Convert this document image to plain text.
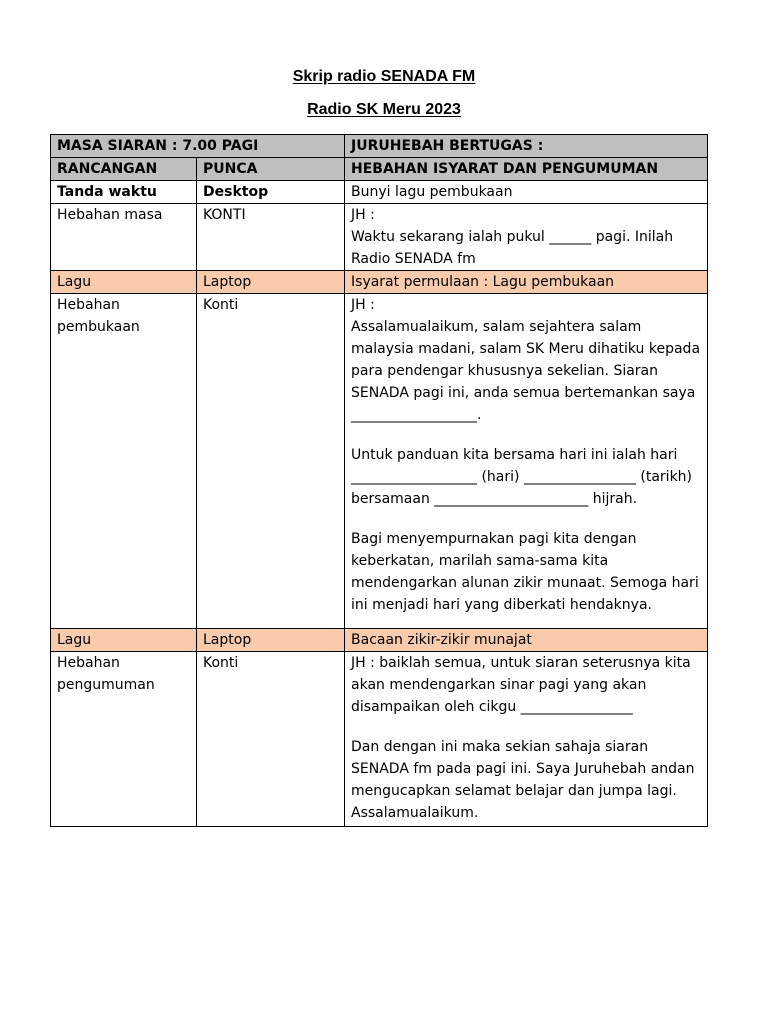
Skrip radio SENADA FM
Radio SK Meru 2023
MASA SIARAN : 7.00 PAGI		JURUHEBAH BERTUGAS :
RANCANGAN	PUNCA	HEBAHAN ISYARAT DAN PENGUMUMAN
Tanda waktu	Desktop	Bunyi lagu pembukaan

Hebahan masa	KONTI	JH :

Waktu sekarang ialah pukul ______ pagi. Inilah Radio SENADA fm

Lagu	Laptop	Isyarat permulaan : Lagu pembukaan

Hebahan pembukaan	Konti	JH :

Assalamualaikum, salam sejahtera salam malaysia madani, salam SK Meru dihatiku kepada para pendengar khususnya sekelian. Siaran SENADA pagi ini, anda semua bertemankan saya __________________.

Untuk panduan kita bersama hari ini ialah hari __________________ (hari) ________________ (tarikh) bersamaan ______________________ hijrah.

Bagi menyempurnakan pagi kita dengan keberkatan, marilah sama-sama kita mendengarkan alunan zikir munaat. Semoga hari ini menjadi hari yang diberkati hendaknya.

Lagu	Laptop	Bacaan zikir-zikir munajat

Hebahan pengumuman	Konti	JH : baiklah semua, untuk siaran seterusnya kita akan mendengarkan sinar pagi yang akan disampaikan oleh cikgu ________________

Dan dengan ini maka sekian sahaja siaran SENADA fm pada pagi ini. Saya Juruhebah andan mengucapkan selamat belajar dan jumpa lagi. Assalamualaikum.
